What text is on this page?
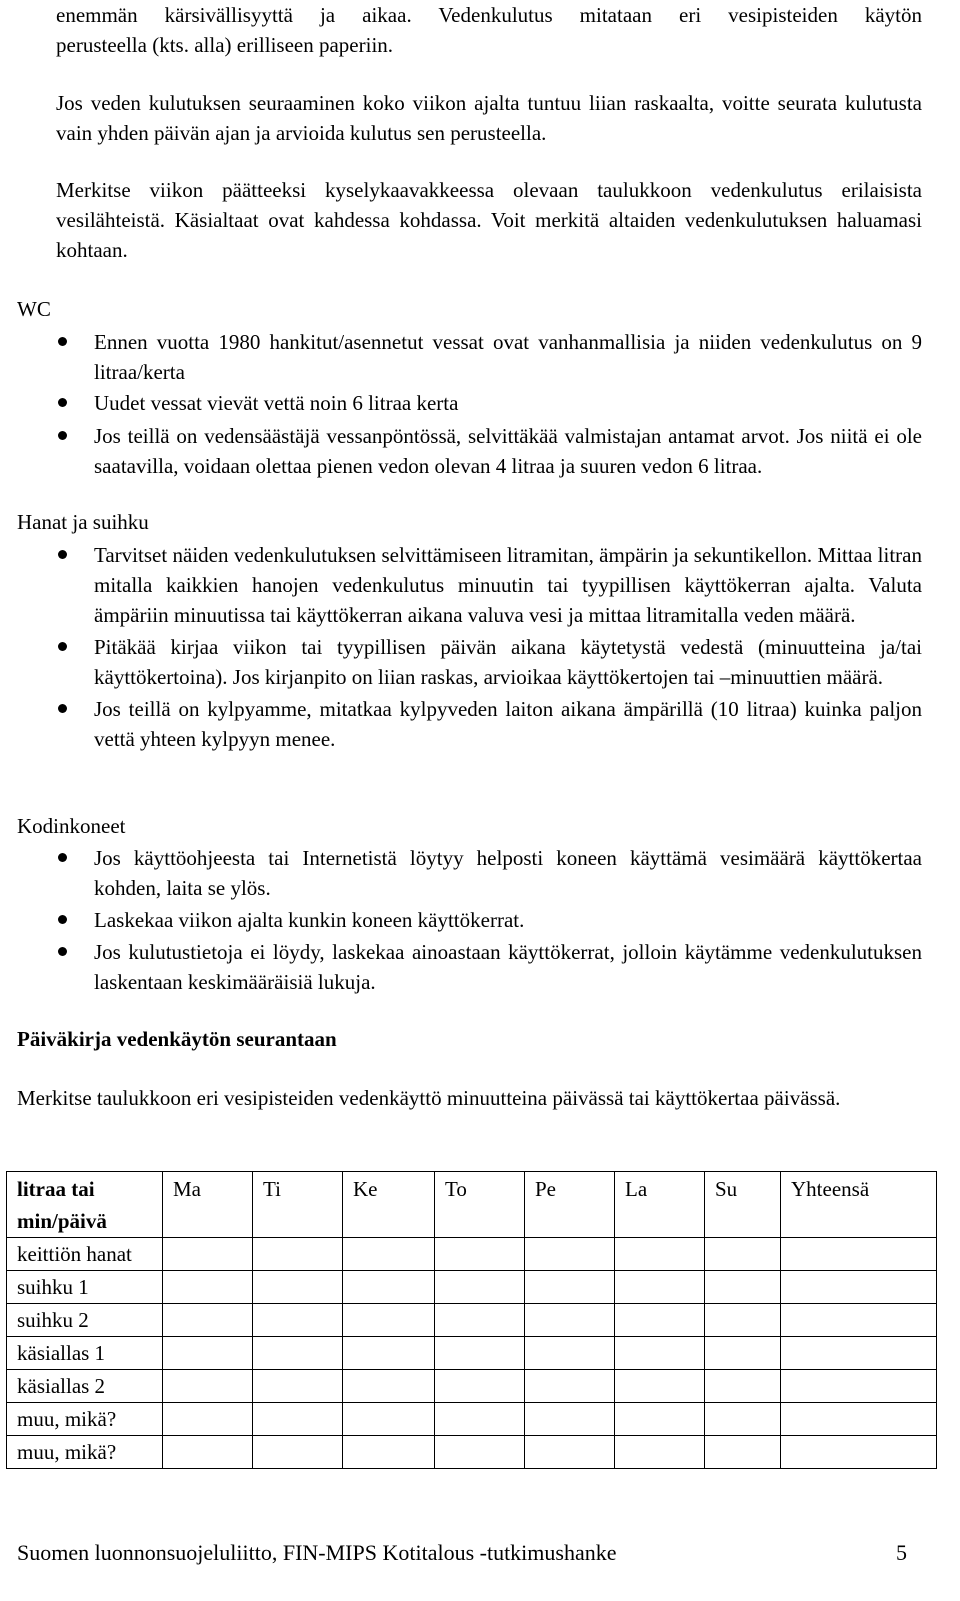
enemmän kärsivällisyyttä ja aikaa. Vedenkulutus mitataan eri vesipisteiden käytön
perusteella (kts. alla) erilliseen paperiin.

Jos veden kulutuksen seuraaminen koko viikon ajalta tuntuu liian raskaalta, voitte seurata kulutusta vain yhden päivän ajan ja arvioida kulutus sen perusteella.

Merkitse viikon päätteeksi kyselykaavakkeessa olevaan taulukkoon vedenkulutus erilaisista vesilähteistä. Käsialtaat ovat kahdessa kohdassa. Voit merkitä altaiden vedenkulutuksen haluamasi kohtaan.

WC
Ennen vuotta 1980 hankitut/asennetut vessat ovat vanhanmallisia ja niiden vedenkulutus on 9 litraa/kerta
Uudet vessat vievät vettä noin 6 litraa kerta
Jos teillä on vedensäästäjä vessanpöntössä, selvittäkää valmistajan antamat arvot. Jos niitä ei ole saatavilla, voidaan olettaa pienen vedon olevan 4 litraa ja suuren vedon 6 litraa.
Hanat ja suihku
Tarvitset näiden vedenkulutuksen selvittämiseen litramitan, ämpärin ja sekuntikellon. Mittaa litran mitalla kaikkien hanojen vedenkulutus minuutin tai tyypillisen käyttökerran ajalta. Valuta ämpäriin minuutissa tai käyttökerran aikana valuva vesi ja mittaa litramitalla veden määrä.
Pitäkää kirjaa viikon tai tyypillisen päivän aikana käytetystä vedestä (minuutteina ja/tai käyttökertoina). Jos kirjanpito on liian raskas, arvioikaa käyttökertojen tai –minuuttien määrä.
Jos teillä on kylpyamme, mitatkaa kylpyveden laiton aikana ämpärillä (10 litraa) kuinka paljon vettä yhteen kylpyyn menee.
Kodinkoneet
Jos käyttöohjeesta tai Internetistä löytyy helposti koneen käyttämä vesimäärä käyttökertaa kohden, laita se ylös.
Laskekaa viikon ajalta kunkin koneen käyttökerrat.
Jos kulutustietoja ei löydy, laskekaa ainoastaan käyttökerrat, jolloin käytämme vedenkulutuksen laskentaan keskimääräisiä lukuja.
Päiväkirja vedenkäytön seurantaan

Merkitse taulukkoon eri vesipisteiden vedenkäyttö minuutteina päivässä tai käyttökertaa päivässä.

litraa tai
min/päivä	Ma	Ti	Ke	To	Pe	La	Su	Yhteensä
keittiön hanat								
suihku 1								
suihku 2								
käsiallas 1								
käsiallas 2								
muu, mikä?								
muu, mikä?								
Suomen luonnonsuojeluliitto, FIN-MIPS Kotitalous -tutkimushanke	5
